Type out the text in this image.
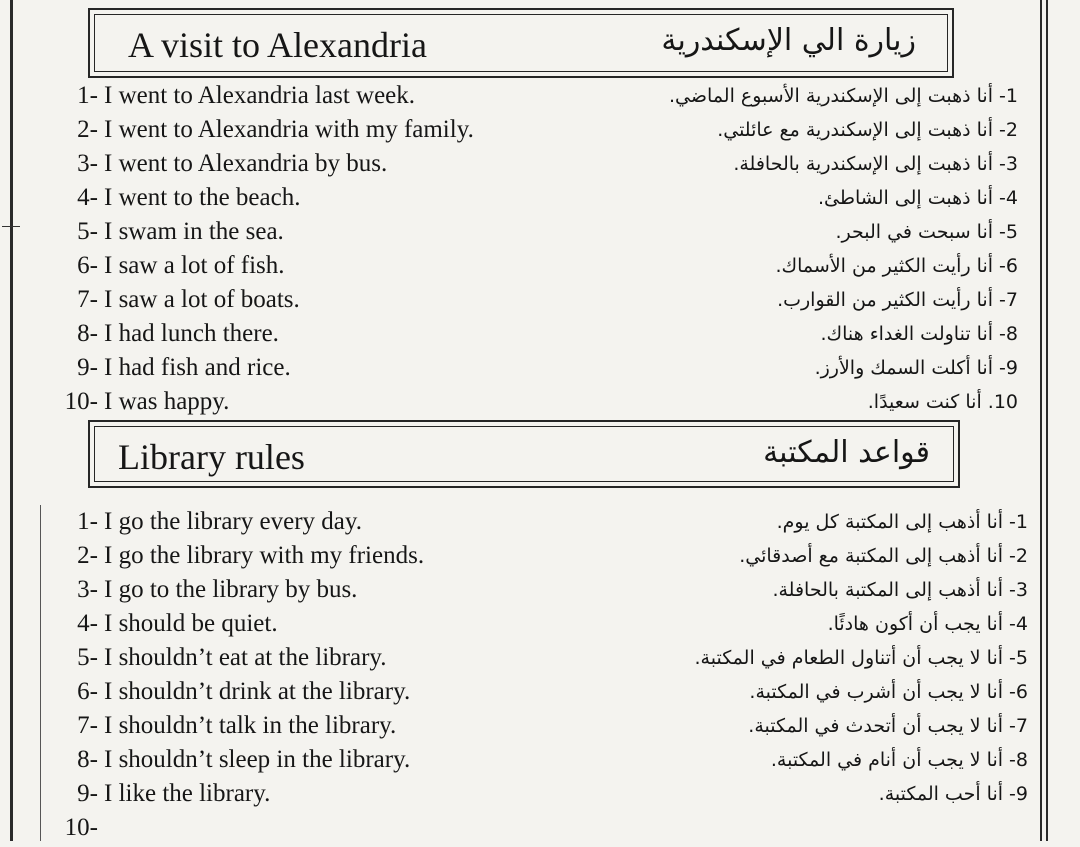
A visit to Alexandria	زيارة الي الإسكندرية
1- I went to Alexandria last week.	1- أنا ذهبت إلى الإسكندرية الأسبوع الماضي.
2- I went to Alexandria with my family.	2- أنا ذهبت إلى الإسكندرية مع عائلتي.
3- I went to Alexandria by bus.	3- أنا ذهبت إلى الإسكندرية بالحافلة.
4- I went to the beach.	4- أنا ذهبت إلى الشاطئ.
5- I swam in the sea.	5- أنا سبحت في البحر.
6- I saw a lot of fish.	6- أنا رأيت الكثير من الأسماك.
7- I saw a lot of boats.	7- أنا رأيت الكثير من القوارب.
8- I had lunch there.	8- أنا تناولت الغداء هناك.
9- I had fish and rice.	9- أنا أكلت السمك والأرز.
10- I was happy.	10. أنا كنت سعيدًا.
Library rules	قواعد المكتبة
1- I go the library every day.	1- أنا أذهب إلى المكتبة كل يوم.
2- I go the library with my friends.	2- أنا أذهب إلى المكتبة مع أصدقائي.
3- I go to the library by bus.	3- أنا أذهب إلى المكتبة بالحافلة.
4- I should be quiet.	4- أنا يجب أن أكون هادئًا.
5- I shouldn’t eat at the library.	5- أنا لا يجب أن أتناول الطعام في المكتبة.
6- I shouldn’t drink at the library.	6- أنا لا يجب أن أشرب في المكتبة.
7- I shouldn’t talk in the library.	7- أنا لا يجب أن أتحدث في المكتبة.
8- I shouldn’t sleep in the library.	8- أنا لا يجب أن أنام في المكتبة.
9- I like the library.	9- أنا أحب المكتبة.
10-
